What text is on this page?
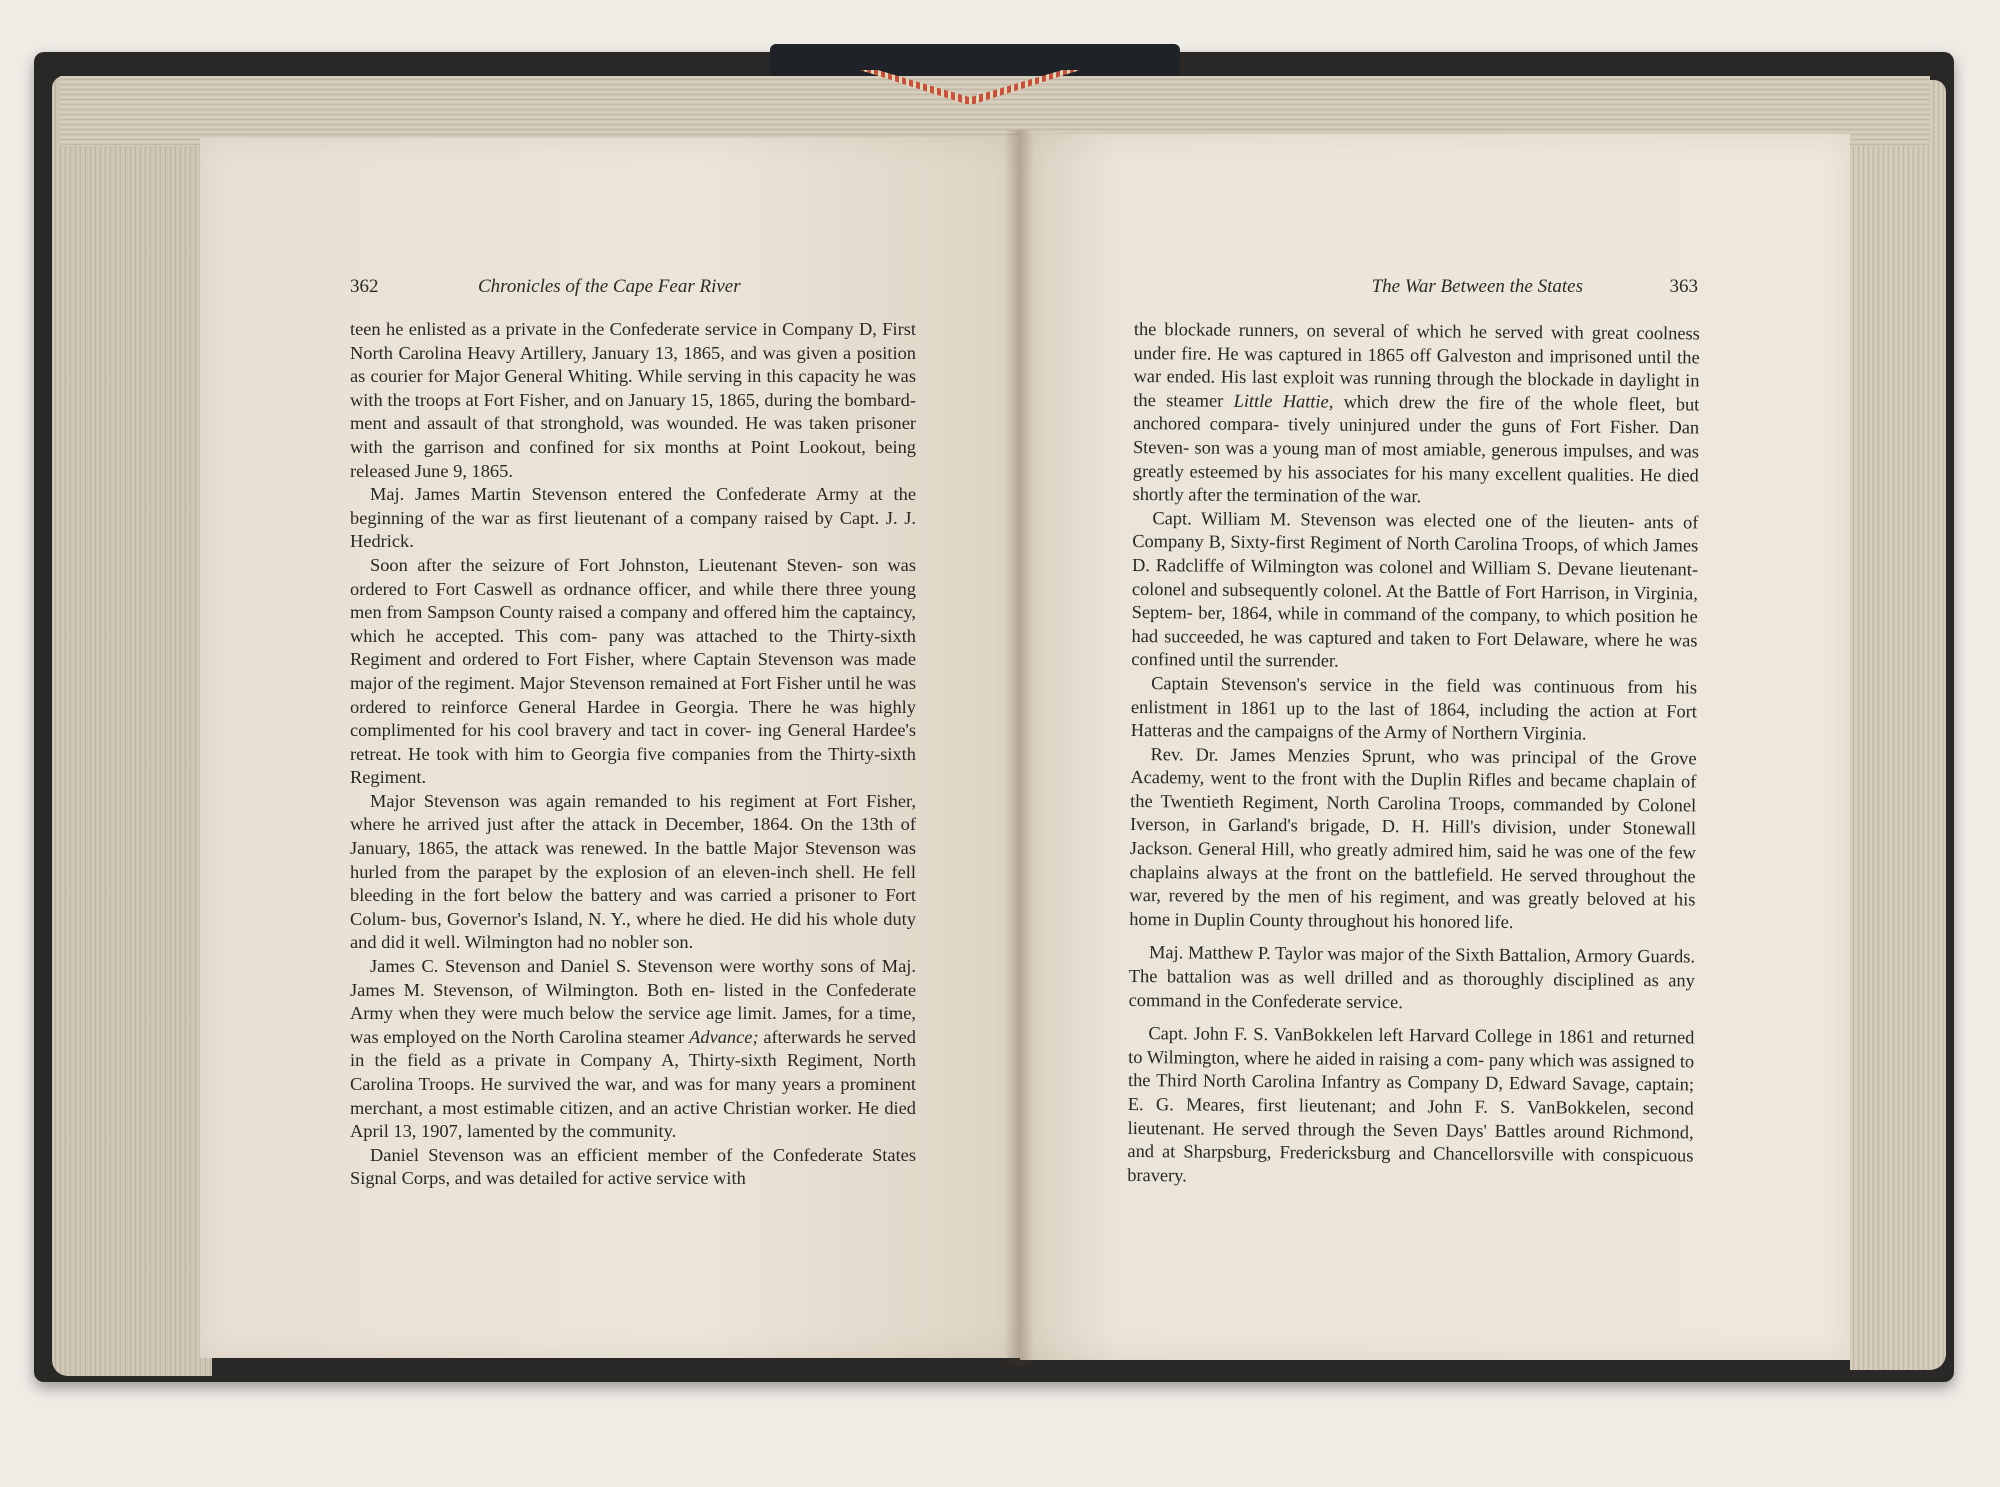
362	Chronicles of the Cape Fear River	The War Between the States	363

teen he enlisted as a private in the Confederate service in Company D, First North Carolina Heavy Artillery, January 13, 1865, and was given a position as courier for Major General Whiting. While serving in this capacity he was with the troops at Fort Fisher, and on January 15, 1865, during the bombard- ment and assault of that stronghold, was wounded. He was taken prisoner with the garrison and confined for six months at Point Lookout, being released June 9, 1865.

Maj. James Martin Stevenson entered the Confederate Army at the beginning of the war as first lieutenant of a company raised by Capt. J. J. Hedrick.

Soon after the seizure of Fort Johnston, Lieutenant Steven- son was ordered to Fort Caswell as ordnance officer, and while there three young men from Sampson County raised a company and offered him the captaincy, which he accepted. This com- pany was attached to the Thirty-sixth Regiment and ordered to Fort Fisher, where Captain Stevenson was made major of the regiment. Major Stevenson remained at Fort Fisher until he was ordered to reinforce General Hardee in Georgia. There he was highly complimented for his cool bravery and tact in cover- ing General Hardee's retreat. He took with him to Georgia five companies from the Thirty-sixth Regiment.

Major Stevenson was again remanded to his regiment at Fort Fisher, where he arrived just after the attack in December, 1864. On the 13th of January, 1865, the attack was renewed. In the battle Major Stevenson was hurled from the parapet by the explosion of an eleven-inch shell. He fell bleeding in the fort below the battery and was carried a prisoner to Fort Colum- bus, Governor's Island, N. Y., where he died. He did his whole duty and did it well. Wilmington had no nobler son.

James C. Stevenson and Daniel S. Stevenson were worthy sons of Maj. James M. Stevenson, of Wilmington. Both en- listed in the Confederate Army when they were much below the service age limit. James, for a time, was employed on the North Carolina steamer Advance; afterwards he served in the field as a private in Company A, Thirty-sixth Regiment, North Carolina Troops. He survived the war, and was for many years a prominent merchant, a most estimable citizen, and an active Christian worker. He died April 13, 1907, lamented by the community.

Daniel Stevenson was an efficient member of the Confederate States Signal Corps, and was detailed for active service with

the blockade runners, on several of which he served with great coolness under fire. He was captured in 1865 off Galveston and imprisoned until the war ended. His last exploit was running through the blockade in daylight in the steamer Little Hattie, which drew the fire of the whole fleet, but anchored compara- tively uninjured under the guns of Fort Fisher. Dan Steven- son was a young man of most amiable, generous impulses, and was greatly esteemed by his associates for his many excellent qualities. He died shortly after the termination of the war.

Capt. William M. Stevenson was elected one of the lieuten- ants of Company B, Sixty-first Regiment of North Carolina Troops, of which James D. Radcliffe of Wilmington was colonel and William S. Devane lieutenant-colonel and subsequently colonel. At the Battle of Fort Harrison, in Virginia, Septem- ber, 1864, while in command of the company, to which position he had succeeded, he was captured and taken to Fort Delaware, where he was confined until the surrender.

Captain Stevenson's service in the field was continuous from his enlistment in 1861 up to the last of 1864, including the action at Fort Hatteras and the campaigns of the Army of Northern Virginia.

Rev. Dr. James Menzies Sprunt, who was principal of the Grove Academy, went to the front with the Duplin Rifles and became chaplain of the Twentieth Regiment, North Carolina Troops, commanded by Colonel Iverson, in Garland's brigade, D. H. Hill's division, under Stonewall Jackson. General Hill, who greatly admired him, said he was one of the few chaplains always at the front on the battlefield. He served throughout the war, revered by the men of his regiment, and was greatly beloved at his home in Duplin County throughout his honored life.

Maj. Matthew P. Taylor was major of the Sixth Battalion, Armory Guards. The battalion was as well drilled and as thoroughly disciplined as any command in the Confederate service.

Capt. John F. S. VanBokkelen left Harvard College in 1861 and returned to Wilmington, where he aided in raising a com- pany which was assigned to the Third North Carolina Infantry as Company D, Edward Savage, captain; E. G. Meares, first lieutenant; and John F. S. VanBokkelen, second lieutenant. He served through the Seven Days' Battles around Richmond, and at Sharpsburg, Fredericksburg and Chancellorsville with conspicuous bravery.
